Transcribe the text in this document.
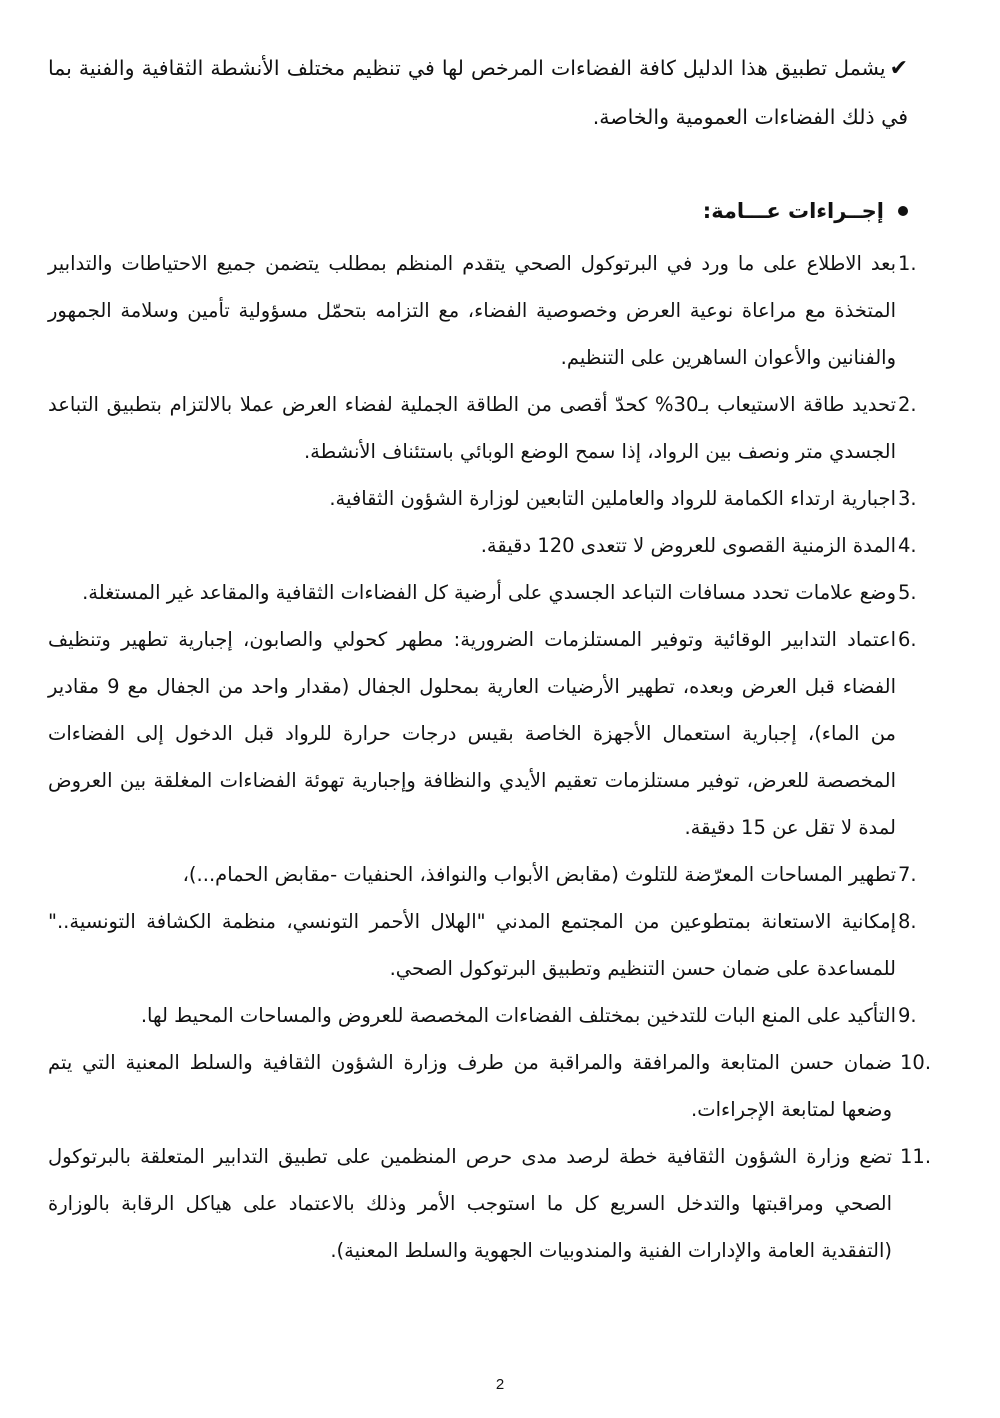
✔يشمل تطبيق هذا الدليل كافة الفضاءات المرخص لها في تنظيم مختلف الأنشطة الثقافية والفنية بما في ذلك الفضاءات العمومية والخاصة.

إجــراءات عـــامة:
1.
بعد الاطلاع على ما ورد في البرتوكول الصحي يتقدم المنظم بمطلب يتضمن جميع الاحتياطات والتدابير المتخذة مع مراعاة نوعية العرض وخصوصية الفضاء، مع التزامه بتحمّل مسؤولية تأمين وسلامة الجمهور والفنانين والأعوان الساهرين على التنظيم.
2.
تحديد طاقة الاستيعاب بـ30% كحدّ أقصى من الطاقة الجملية لفضاء العرض عملا بالالتزام بتطبيق التباعد الجسدي متر ونصف بين الرواد، إذا سمح الوضع الوبائي باستئناف الأنشطة.
3.
اجبارية ارتداء الكمامة للرواد والعاملين التابعين لوزارة الشؤون الثقافية.
4.
المدة الزمنية القصوى للعروض لا تتعدى 120 دقيقة.
5.
وضع علامات تحدد مسافات التباعد الجسدي على أرضية كل الفضاءات الثقافية والمقاعد غير المستغلة.
6.
اعتماد التدابير الوقائية وتوفير المستلزمات الضرورية: مطهر كحولي والصابون، إجبارية تطهير وتنظيف الفضاء قبل العرض وبعده، تطهير الأرضيات العارية بمحلول الجفال (مقدار واحد من الجفال مع 9 مقادير من الماء)، إجبارية استعمال الأجهزة الخاصة بقيس درجات حرارة للرواد قبل الدخول إلى الفضاءات المخصصة للعرض، توفير مستلزمات تعقيم الأيدي والنظافة وإجبارية تهوئة الفضاءات المغلقة بين العروض لمدة لا تقل عن 15 دقيقة.
7.
تطهير المساحات المعرّضة للتلوث (مقابض الأبواب والنوافذ، الحنفيات -مقابض الحمام...)،
8.
إمكانية الاستعانة بمتطوعين من المجتمع المدني "الهلال الأحمر التونسي، منظمة الكشافة التونسية.." للمساعدة على ضمان حسن التنظيم وتطبيق البرتوكول الصحي.
9.
التأكيد على المنع البات للتدخين بمختلف الفضاءات المخصصة للعروض والمساحات المحيط لها.
10.
ضمان حسن المتابعة والمرافقة والمراقبة من طرف وزارة الشؤون الثقافية والسلط المعنية التي يتم وضعها لمتابعة الإجراءات.
11.
تضع وزارة الشؤون الثقافية خطة لرصد مدى حرص المنظمين على تطبيق التدابير المتعلقة بالبرتوكول الصحي ومراقبتها والتدخل السريع كل ما استوجب الأمر وذلك بالاعتماد على هياكل الرقابة بالوزارة (التفقدية العامة والإدارات الفنية والمندوبيات الجهوية والسلط المعنية).
2
